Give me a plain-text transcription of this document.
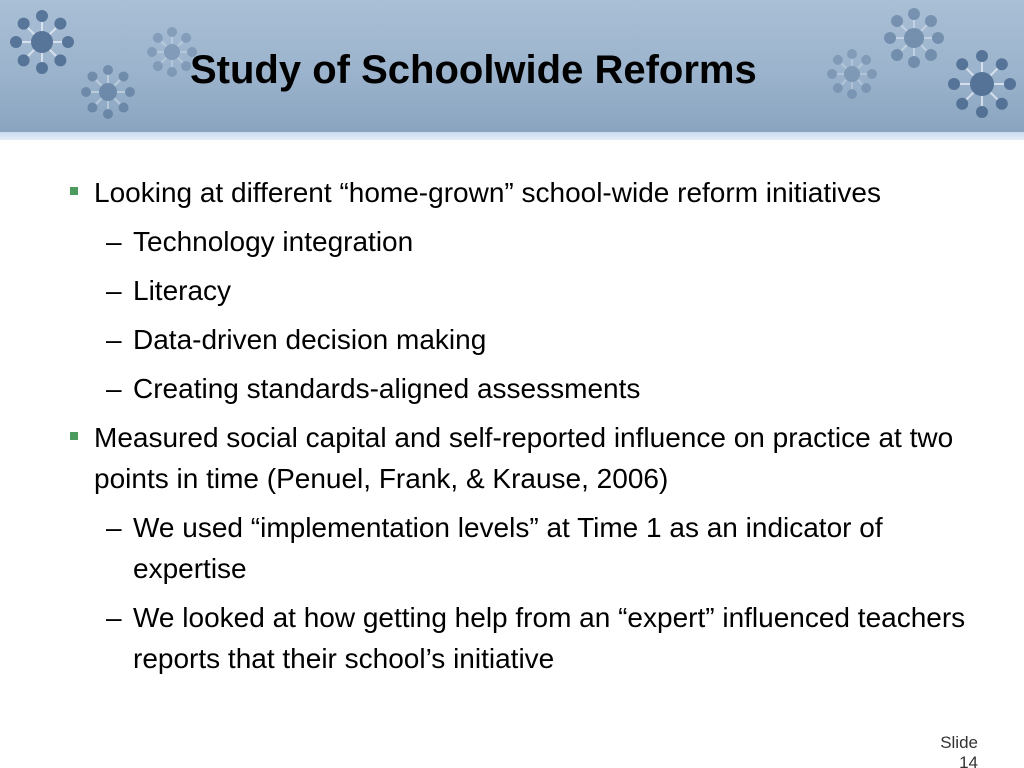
Study of Schoolwide Reforms
Looking at different “home-grown” school-wide reform initiatives
– Technology integration
– Literacy
– Data-driven decision making
– Creating standards-aligned assessments
Measured social capital and self-reported influence on practice at two points in time (Penuel, Frank, & Krause, 2006)
– We used “implementation levels” at Time 1 as an indicator of expertise
– We looked at how getting help from an “expert” influenced teachers reports that their school’s initiative
Slide 14
